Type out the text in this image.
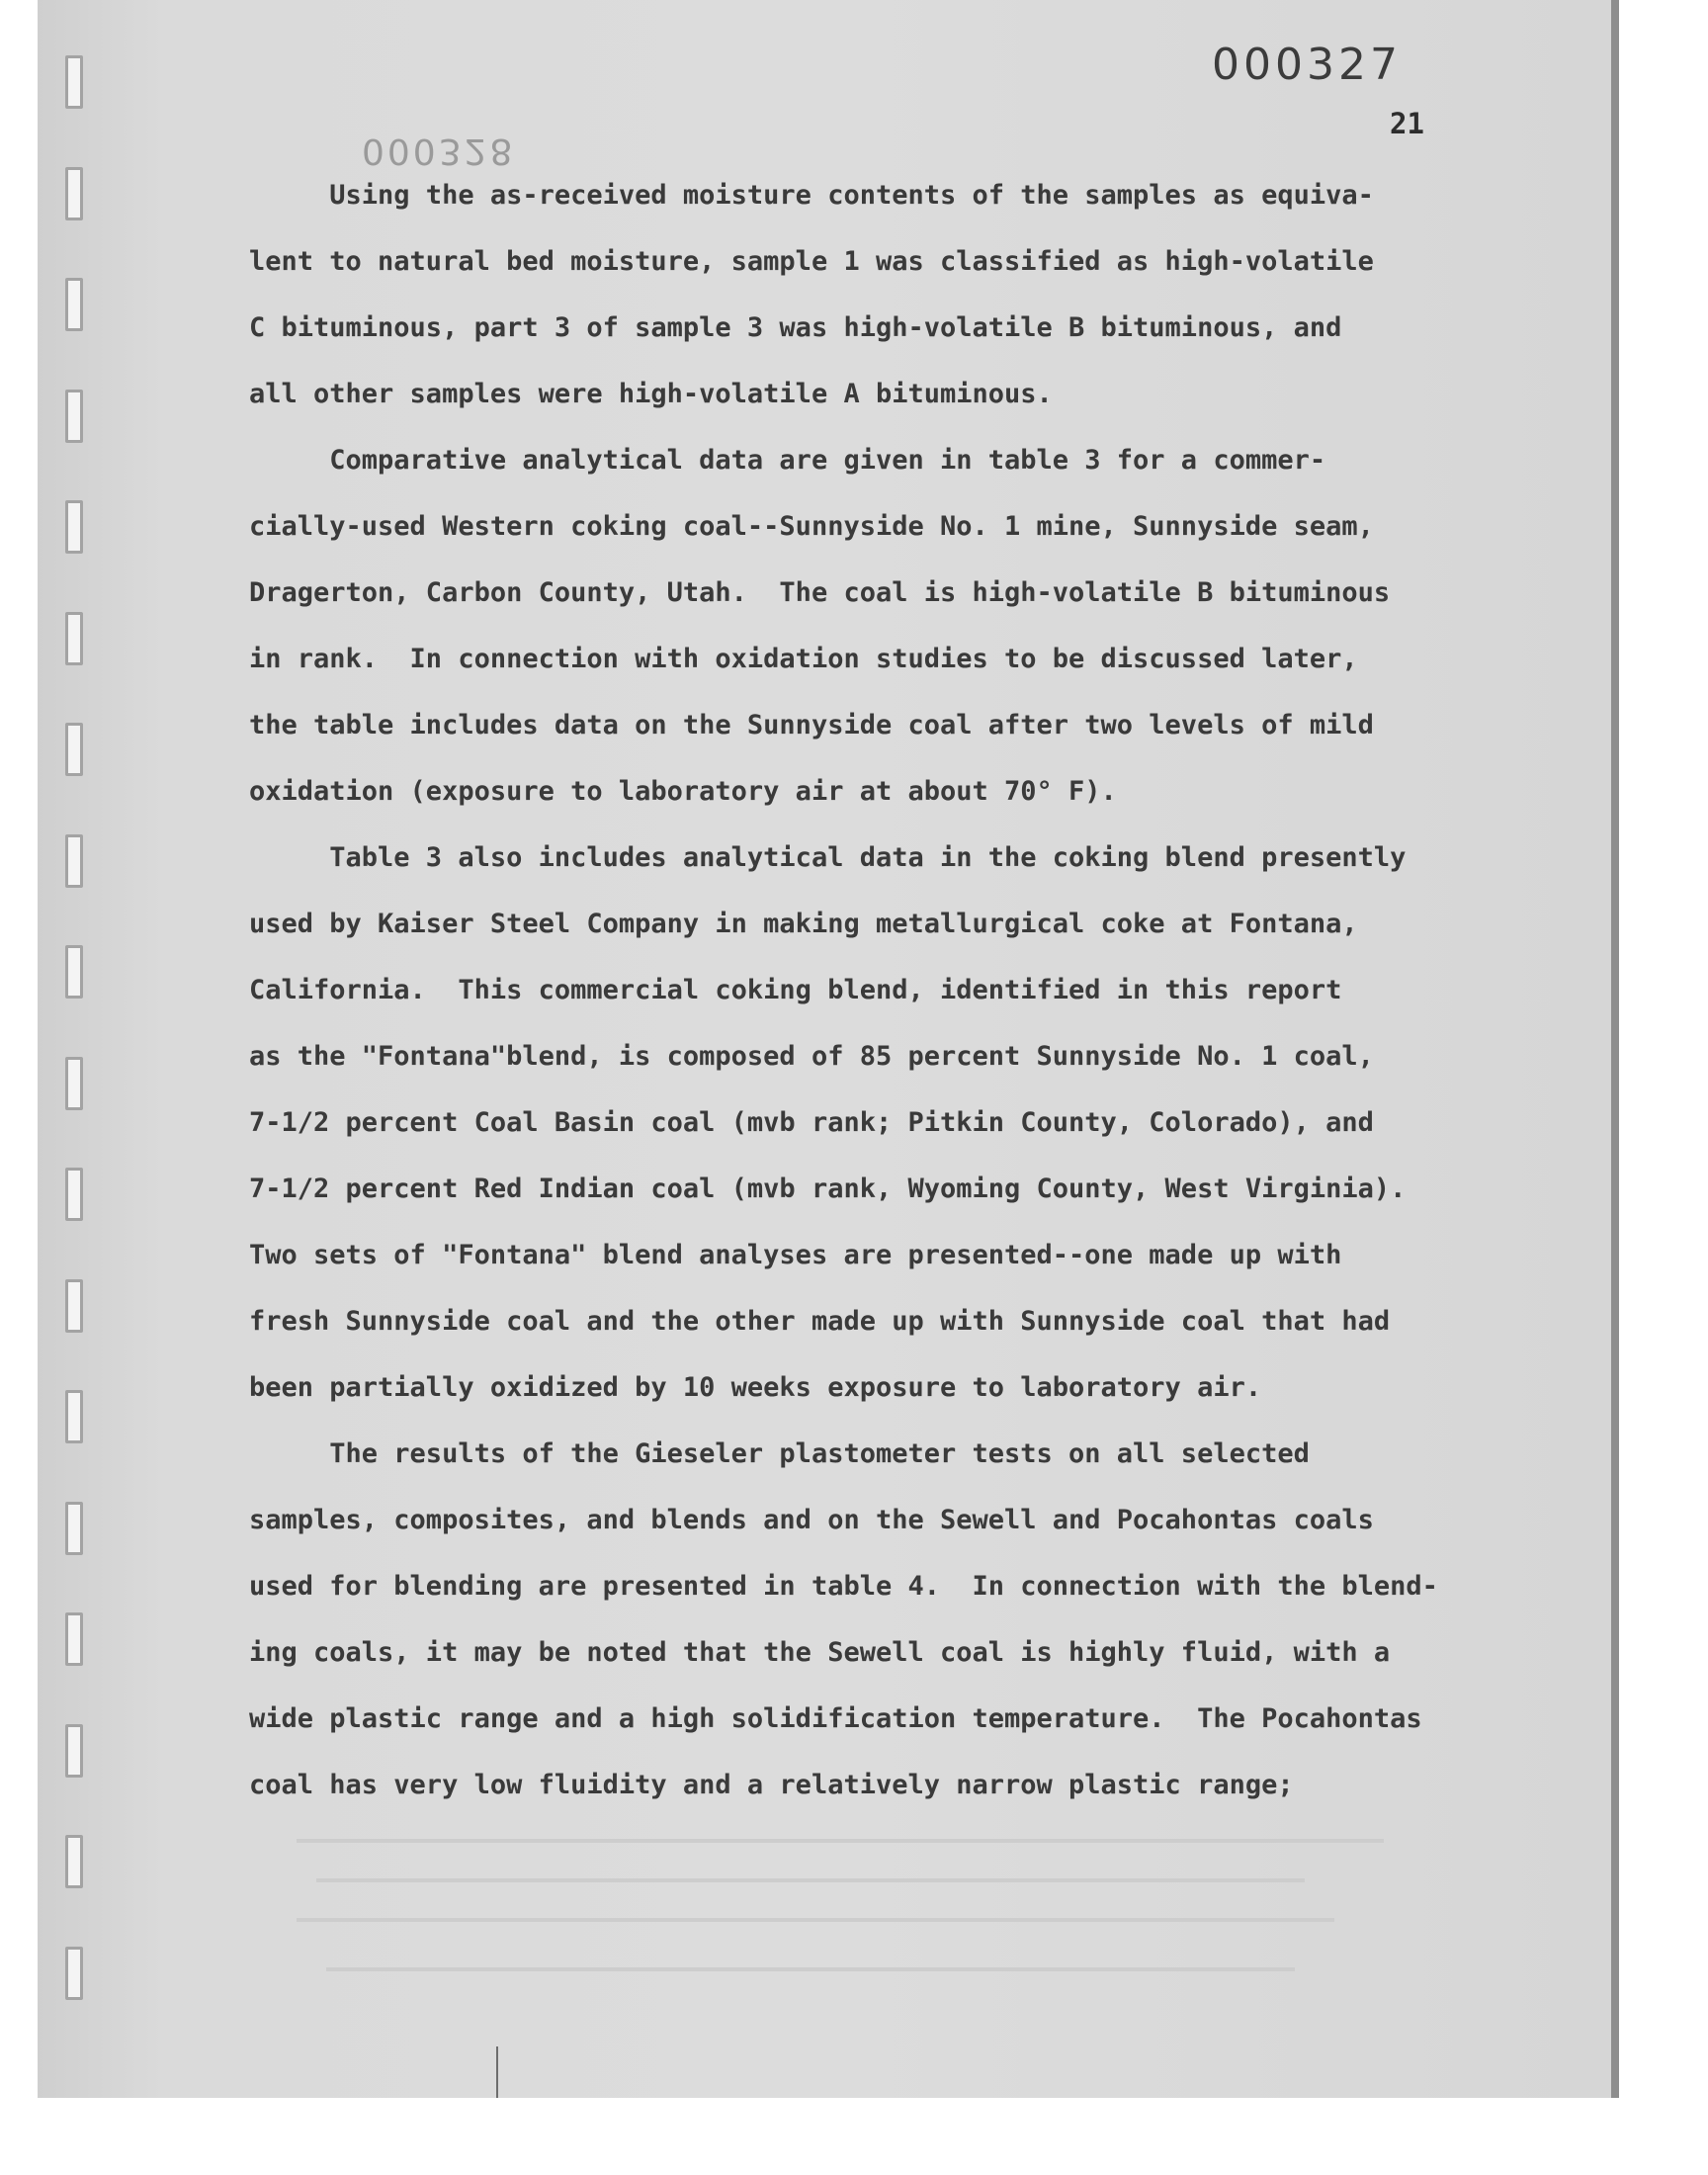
000327
000328
21
Using the as-received moisture contents of the samples as equiva-
lent to natural bed moisture, sample 1 was classified as high-volatile
C bituminous, part 3 of sample 3 was high-volatile B bituminous, and
all other samples were high-volatile A bituminous.
Comparative analytical data are given in table 3 for a commer-
cially-used Western coking coal--Sunnyside No. 1 mine, Sunnyside seam,
Dragerton, Carbon County, Utah.  The coal is high-volatile B bituminous
in rank.  In connection with oxidation studies to be discussed later,
the table includes data on the Sunnyside coal after two levels of mild
oxidation (exposure to laboratory air at about 70° F).
Table 3 also includes analytical data in the coking blend presently
used by Kaiser Steel Company in making metallurgical coke at Fontana,
California.  This commercial coking blend, identified in this report
as the "Fontana"blend, is composed of 85 percent Sunnyside No. 1 coal,
7-1/2 percent Coal Basin coal (mvb rank; Pitkin County, Colorado), and
7-1/2 percent Red Indian coal (mvb rank, Wyoming County, West Virginia).
Two sets of "Fontana" blend analyses are presented--one made up with
fresh Sunnyside coal and the other made up with Sunnyside coal that had
been partially oxidized by 10 weeks exposure to laboratory air.
The results of the Gieseler plastometer tests on all selected
samples, composites, and blends and on the Sewell and Pocahontas coals
used for blending are presented in table 4.  In connection with the blend-
ing coals, it may be noted that the Sewell coal is highly fluid, with a
wide plastic range and a high solidification temperature.  The Pocahontas
coal has very low fluidity and a relatively narrow plastic range;
